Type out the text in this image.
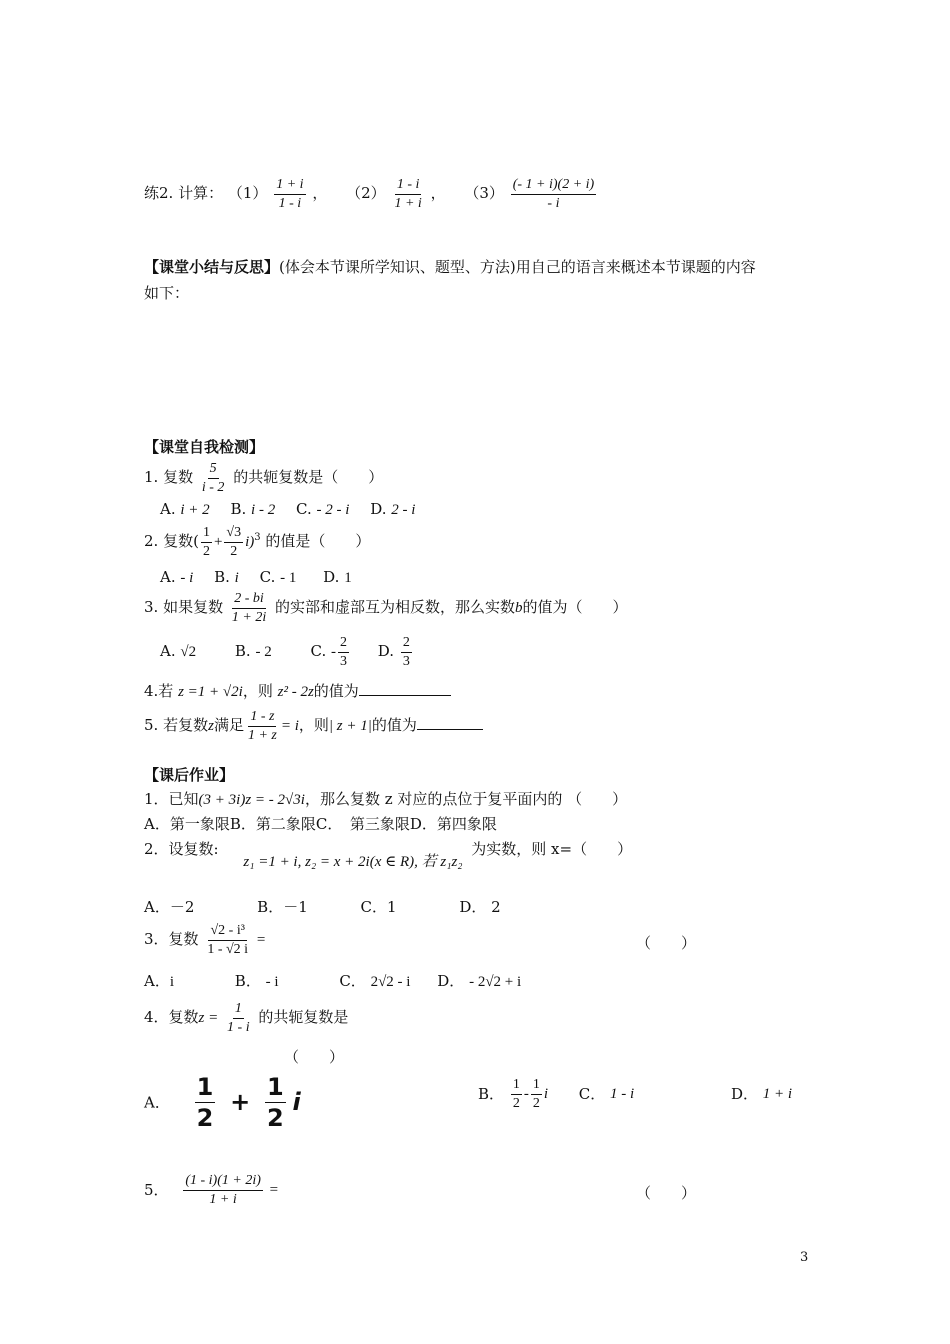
练2. 计算： $(1) \frac{1 + i}{1 - i}$ ， $(2) \frac{1 - i}{1 + i}$ ， $(3) \frac{(- 1 + i)(2 + i)}{- i}$
【课堂小结与反思】(体会本节课所学知识、题型、方法)用自己的语言来概述本节课题的内容
如下：
【课堂自我检测】
1. 复数 $\frac{5}{i - 2}$ 的共轭复数是（　　）
A. i + 2 B. i - 2 C. - 2 - i D. 2 - i
2. 复数( $\frac{1}{2} + \frac{√3}{2} i)^3$ 的值是（　　）
A. - i B. i C. - 1 D. 1
3. 如果复数 $\frac{2 - bi}{1 + 2i}$ 的实部和虚部互为相反数，那么实数b的值为（　　）
A. √2	B. - 2	C. - $\frac{2}{3} D$. $\frac{2}{3}$
4.若 z =1 + √2i，则 z² - 2z的值为
5. 若复数z满足 $\frac{1 - z}{1 + z} = i$，则| z + 1|的值为
【课后作业】
1．已知(3 + 3i)z = - 2√3i，那么复数 z 对应的点位于复平面内的 （　　）
A．第一象限B．第二象限C．　第三象限D．第四象限
2．设复数: z₁ =1 + i, z₂ = x + 2i(x ∈ R), 若 z₁z₂ 为实数，则 x=（　　）
A．－2	B．－1	C．1	D． 2
3．复数 $\frac{\text{√2 - i³}}{1 - √2 i}$ =	（　　）
A．i	B． - i	C． 2√2 - i D． - 2√2 + i
4．复数$z = \frac{1}{1 - i}$ 的共轭复数是
（　　）
A． $\frac{1}{2} + \frac{1}{2}$ i	B． $\frac{1}{2} - \frac{1}{2}$ i C． 1 - i	D． 1 + i
5． $\frac{(1 - i)(1 + 2i)}{1 + i}$ =	（　　）
3
